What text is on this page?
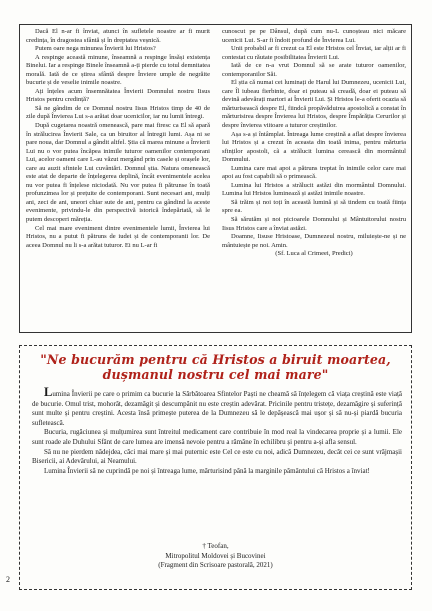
Dacă El n-ar fi înviat, atunci în sufletele noastre ar fi murit credința, în dragostea sfântă și în dreptatea veșnică.

Putem oare nega minunea Învierii lui Hristos?

A respinge aceastǎ minune, înseamnă a respinge însăși existența Binelui. Iar a respinge Binele înseamnă a-ți pierde cu totul demnitatea morală. Iată de ce știrea sfântă despre Înviere umple de negrăite bucurie și de veselie inimile noastre.

Ați înțeles acum însemnătatea Învierii Domnului nostru Iisus Hristos pentru credință?

Să ne gândim de ce Domnul nostru Iisus Hristos timp de 40 de zile după Învierea Lui s-a arătat doar ucenicilor, iar nu lumii întregi.

După cugetarea noastră omenească, pare mai firesc ca El să apară în strălucirea Învierii Sale, ca un biruitor al întregii lumi. Așa ni se pare noua, dar Domnul a gândit altfel. Știa că marea minune a Învierii Lui nu o vor putea încăpea inimile tuturor oamenilor contemporani Lui, acelor oameni care L-au văzut mergând prin casele și orașele lor, care au auzit sfintele Lui cuvântări. Domnul știa. Natura omenească este atat de departe de înțelegerea deplină, încât evenimentele acelea nu vor putea fi înțelese niciodată. Nu vor putea fi pătrunse în toată profunzimea lor și prețuite de contemporani. Sunt necesari ani, mulți ani, zeci de ani, uneori chiar sute de ani, pentru ca gândind la aceste evenimente, privindu-le din perspectivă istorică îndepărtată, să le putem descoperi măreția.

Cel mai mare eveniment dintre evenimentele lumii, Învierea lui Hristos, nu a putut fi pătruns de iudei și de contemporanii lor. De aceea Domnul nu li s-a arătat tuturor. Ei nu L-ar fi

cunoscut pe pe Dânsul, după cum nu-L cunoșteau nici măcare ucenicii Lui. S-ar fi îndoit profund de Învierea Lui.

Unii probabil ar fi crezut ca El este Hristos cel Înviat, iar alții ar fi contestat cu răutate posibilitatea Învierii Lui.

Iată de ce n-a vrut Domnul să se arate tuturor oamenilor, contemporanilor Săi.

El știa că numai cei luminați de Harul lui Dumnezeu, ucenicii Lui, care Îl iubeau fierbinte, doar ei puteau să creadă, doar ei puteau să devină adevărați martori ai Învierii Lui. Și Hristos le-a oferit ocazia să mărturisească despre El, fiindcă propăvăduirea apostolică a constat în mărturisirea despre Învierea lui Hristos, despre Împărăția Cerurilor și despre învierea viitoare a tuturor creștinilor.

Așa s-a și întâmplat. Întreaga lume creștină a aflat despre învierea lui Hristos și a crezut în aceasta din toată inima, pentru mărturia sfinților apostoli, cã a strălucit lumina cerească din mormântul Domnului.

Lumina care mai apoi a pătruns treptat în inimile celor care mai apoi au fost capabili să o primească.

Lumina lui Hristos a strălucit astăzi din mormântul Domnului. Lumina lui Hristos luminează și astăzi inimile noastre.

Să trăim și noi toți în această lumină și să tindem cu toată ființa spre ea.

Să sărutăm și noi picioarele Domnului și Mântuitorului nostru Iisus Hristos care a înviat astăzi.

Doamne, Iisuse Hristoase, Dumnezeul nostru, miluiește-ne și ne mântuiește pe noi. Amin.

(Sf. Luca al Crimeei, Predici)

"Ne bucurăm pentru că Hristos a biruit moartea,
dușmanul nostru cel mai mare"

Lumina Învierii pe care o primim ca bucurie la Sărbătoarea Sfintelor Paști ne cheamă să înțelegem că viața creștină este viață de bucurie. Omul trist, mohorât, dezamăgit și descumpănit nu este creștin adevărat. Pricinile pentru tristețe, dezamăgire și suferință sunt multe și pentru creștini. Acesta însă primește puterea de la Dumnezeu să le depășească mai ușor și să nu-și piardă bucuria sufletească.

Bucuria, rugăciunea și mulțumirea sunt întreitul medicament care contribuie în mod real la vindecarea proprie și a lumii. Ele sunt roade ale Duhului Sfânt de care lumea are imensă nevoie pentru a rămâne în echilibru și pentru a-și afla sensul.

Să nu ne pierdem nădejdea, căci mai mare și mai puternic este Cel ce este cu noi, adică Dumnezeu, decât cei ce sunt vrăjmașii Bisericii, ai Adevărului, ai Neamului.

Lumina Învierii să ne cuprindă pe noi și întreaga lume, mărturisind până la marginile pământului că Hristos a înviat!

† Teofan,
Mitropolitul Moldovei și Bucovinei
(Fragment din Scrisoare pastorală, 2021)
2
